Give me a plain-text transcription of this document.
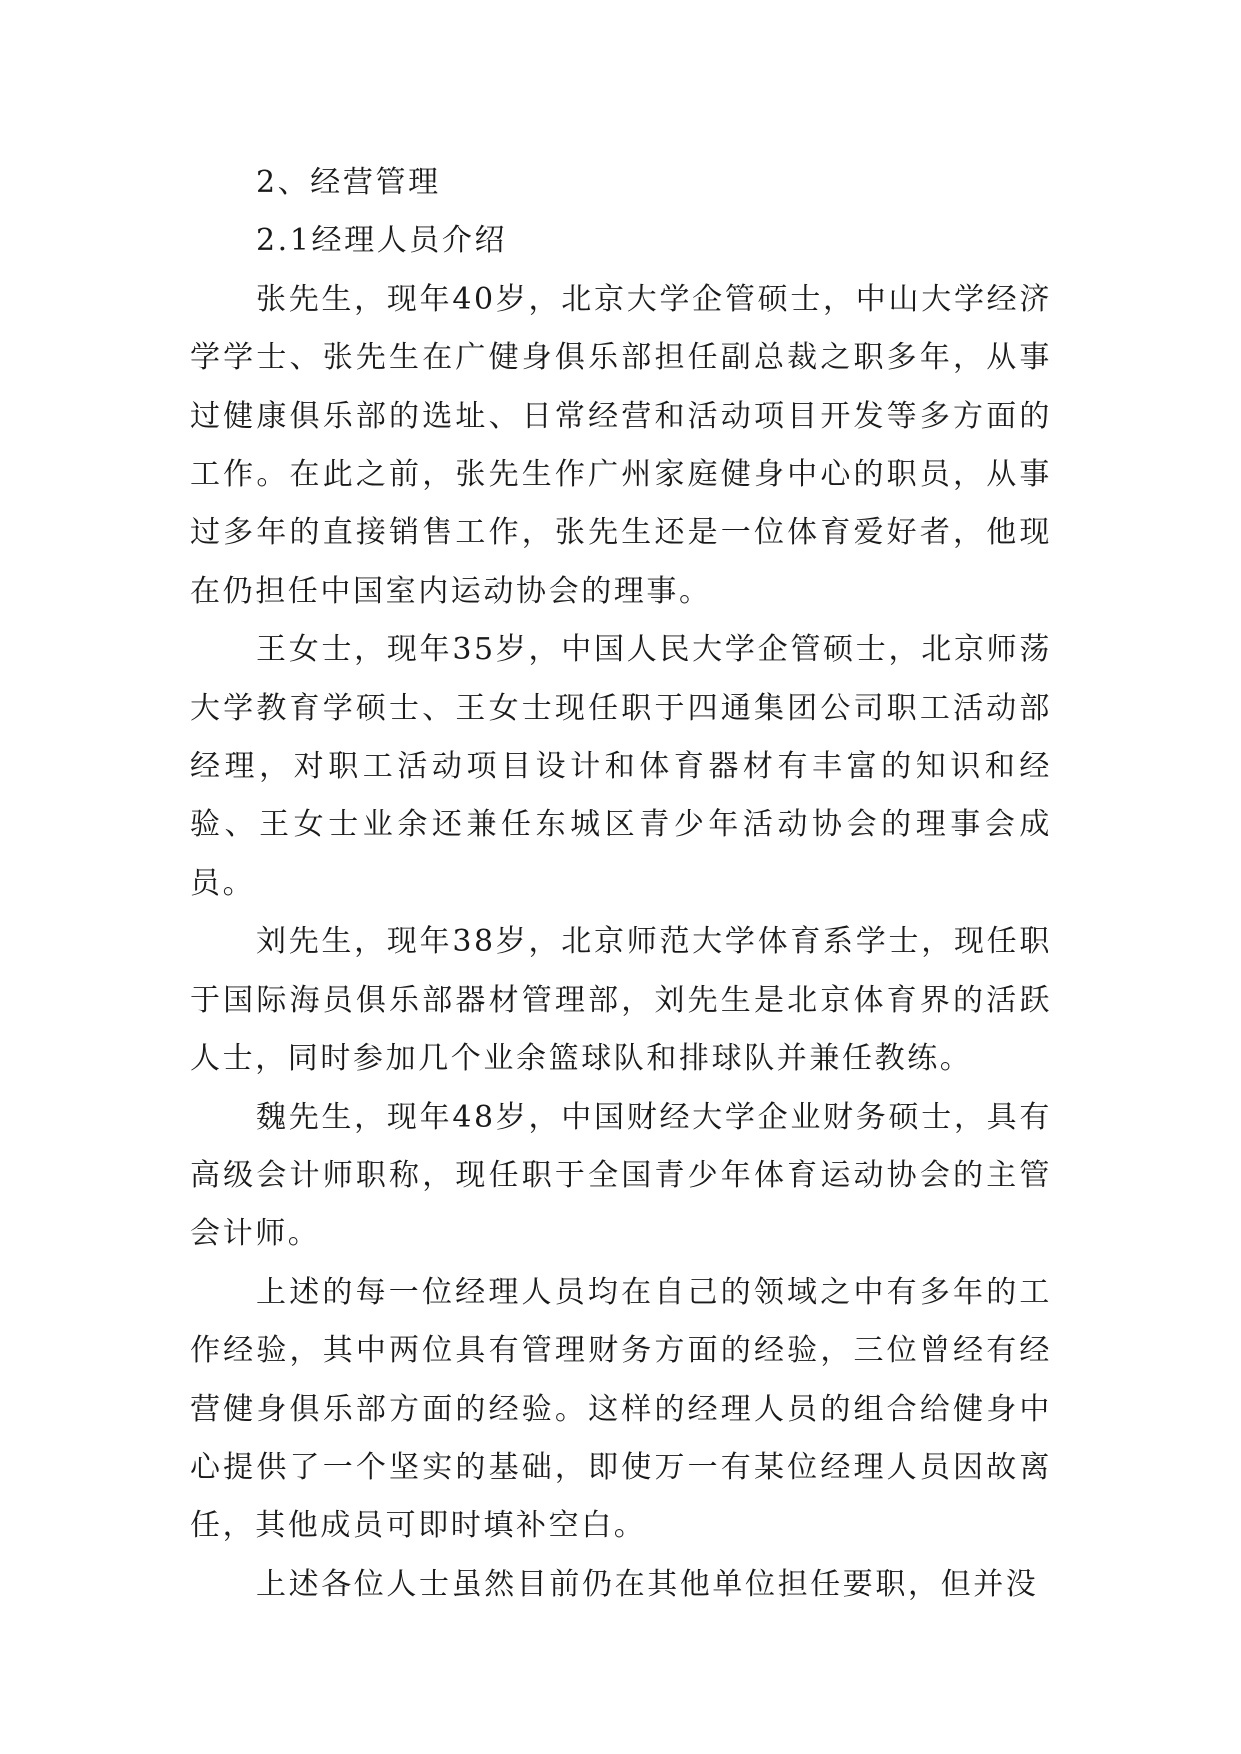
2、经营管理

2.1经理人员介绍

张先生，现年40岁，北京大学企管硕士，中山大学经济学学士、张先生在广健身俱乐部担任副总裁之职多年，从事过健康俱乐部的选址、日常经营和活动项目开发等多方面的工作。在此之前，张先生作广州家庭健身中心的职员，从事过多年的直接销售工作，张先生还是一位体育爱好者，他现在仍担任中国室内运动协会的理事。

王女士，现年35岁，中国人民大学企管硕士，北京师荡大学教育学硕士、王女士现任职于四通集团公司职工活动部经理，对职工活动项目设计和体育器材有丰富的知识和经验、王女士业余还兼任东城区青少年活动协会的理事会成员。

刘先生，现年38岁，北京师范大学体育系学士，现任职于国际海员俱乐部器材管理部，刘先生是北京体育界的活跃人士，同时参加几个业余篮球队和排球队并兼任教练。

魏先生，现年48岁，中国财经大学企业财务硕士，具有高级会计师职称，现任职于全国青少年体育运动协会的主管会计师。

上述的每一位经理人员均在自己的领域之中有多年的工作经验，其中两位具有管理财务方面的经验，三位曾经有经营健身俱乐部方面的经验。这样的经理人员的组合给健身中心提供了一个坚实的基础，即使万一有某位经理人员因故离任，其他成员可即时填补空白。

上述各位人士虽然目前仍在其他单位担任要职，但并没
